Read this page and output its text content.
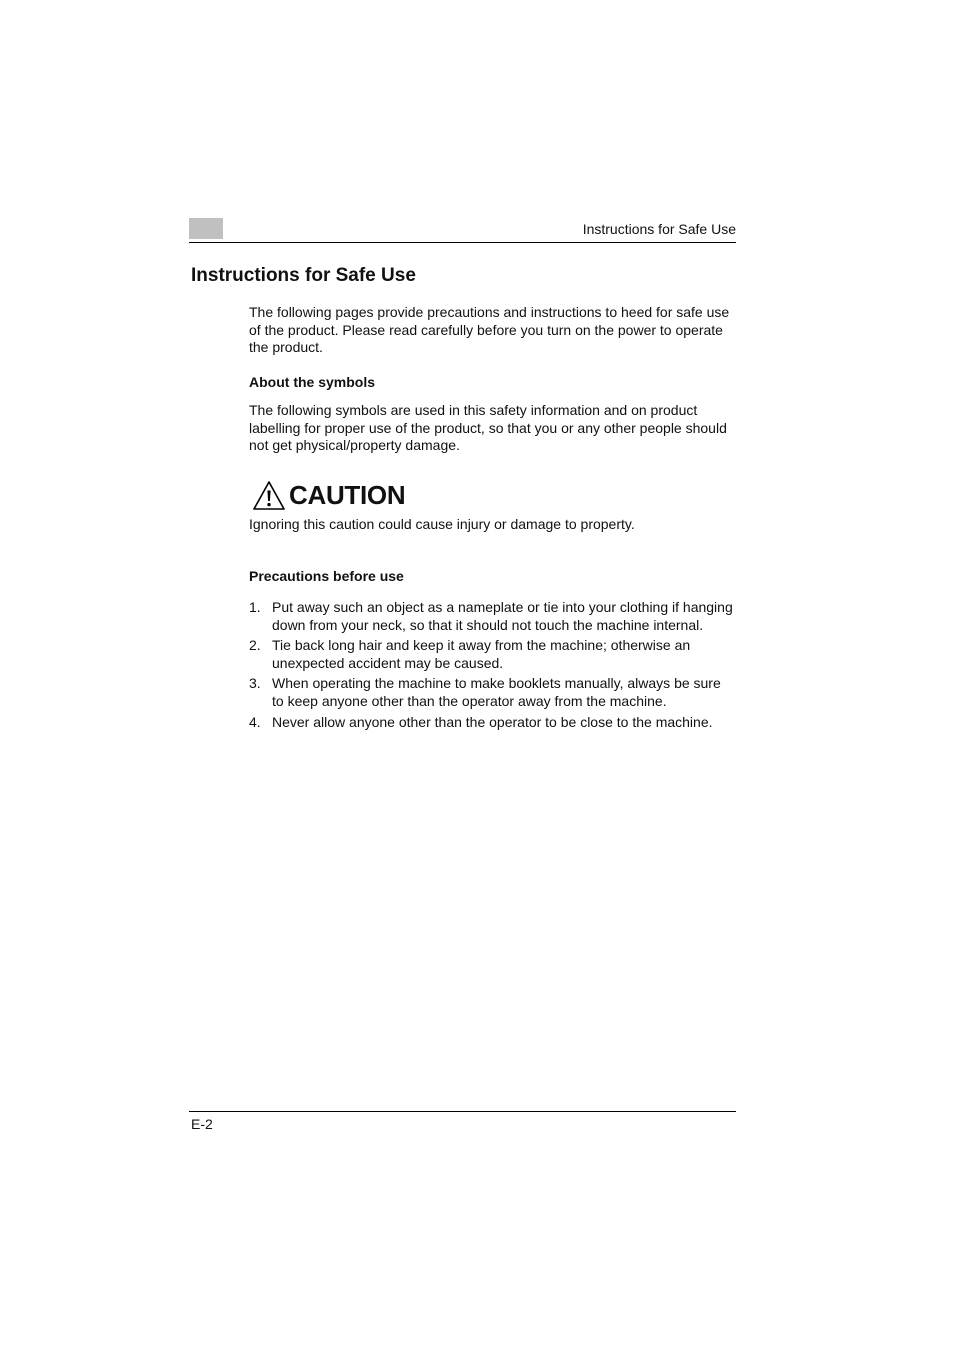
Instructions for Safe Use
Instructions for Safe Use

The following pages provide precautions and instructions to heed for safe use of the product. Please read carefully before you turn on the power to operate the product.

About the symbols

The following symbols are used in this safety information and on product labelling for proper use of the product, so that you or any other people should not get physical/property damage.

CAUTION
Ignoring this caution could cause injury or damage to property.
Precautions before use
1. Put away such an object as a nameplate or tie into your clothing if hanging down from your neck, so that it should not touch the machine internal.
2. Tie back long hair and keep it away from the machine; otherwise an unexpected accident may be caused.
3. When operating the machine to make booklets manually, always be sure to keep anyone other than the operator away from the machine.
4. Never allow anyone other than the operator to be close to the machine.
E-2
